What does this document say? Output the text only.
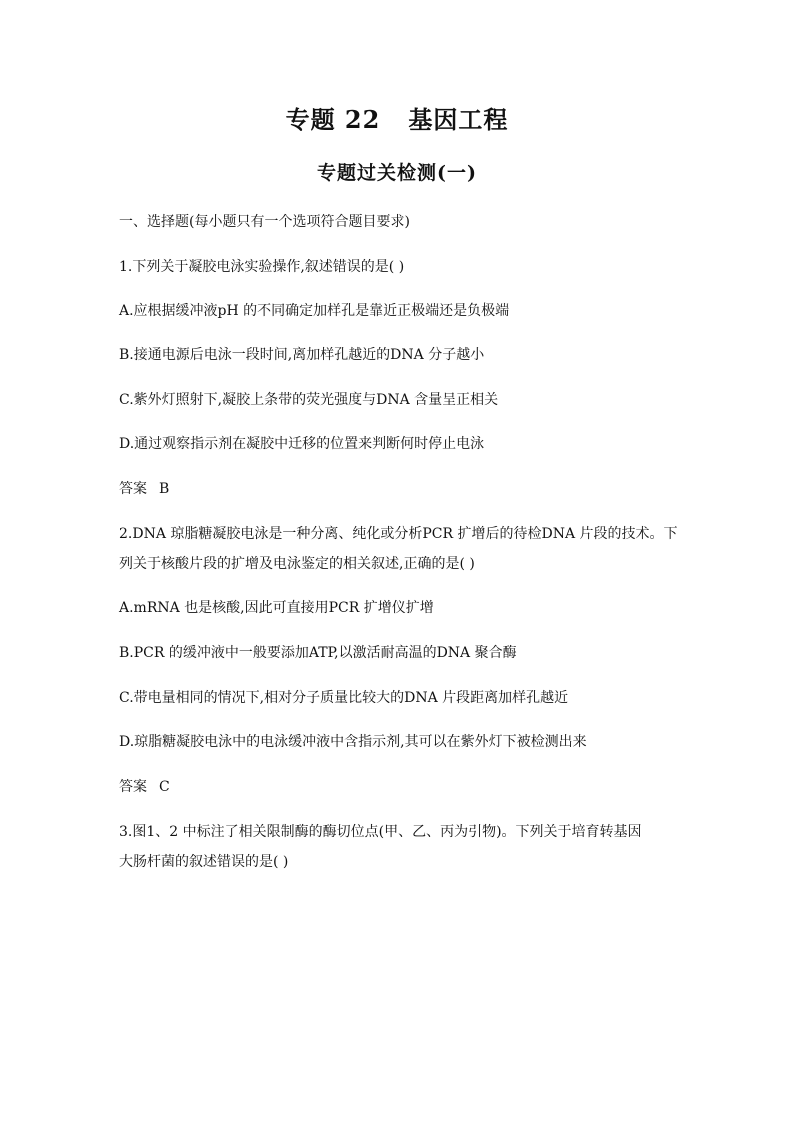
专题 22   基因工程
专题过关检测(一)
一、选择题(每小题只有一个选项符合题目要求)
1.下列关于凝胶电泳实验操作,叙述错误的是( )
A.应根据缓冲液pH 的不同确定加样孔是靠近正极端还是负极端
B.接通电源后电泳一段时间,离加样孔越近的DNA 分子越小
C.紫外灯照射下,凝胶上条带的荧光强度与DNA 含量呈正相关
D.通过观察指示剂在凝胶中迁移的位置来判断何时停止电泳
答案 B
2.DNA 琼脂糖凝胶电泳是一种分离、纯化或分析PCR 扩增后的待检DNA 片段的技术。下
列关于核酸片段的扩增及电泳鉴定的相关叙述,正确的是( )
A.mRNA 也是核酸,因此可直接用PCR 扩增仪扩增
B.PCR 的缓冲液中一般要添加ATP,以激活耐高温的DNA 聚合酶
C.带电量相同的情况下,相对分子质量比较大的DNA 片段距离加样孔越近
D.琼脂糖凝胶电泳中的电泳缓冲液中含指示剂,其可以在紫外灯下被检测出来
答案 C
3.图1、2 中标注了相关限制酶的酶切位点(甲、乙、丙为引物)。下列关于培育转基因
大肠杆菌的叙述错误的是( )
